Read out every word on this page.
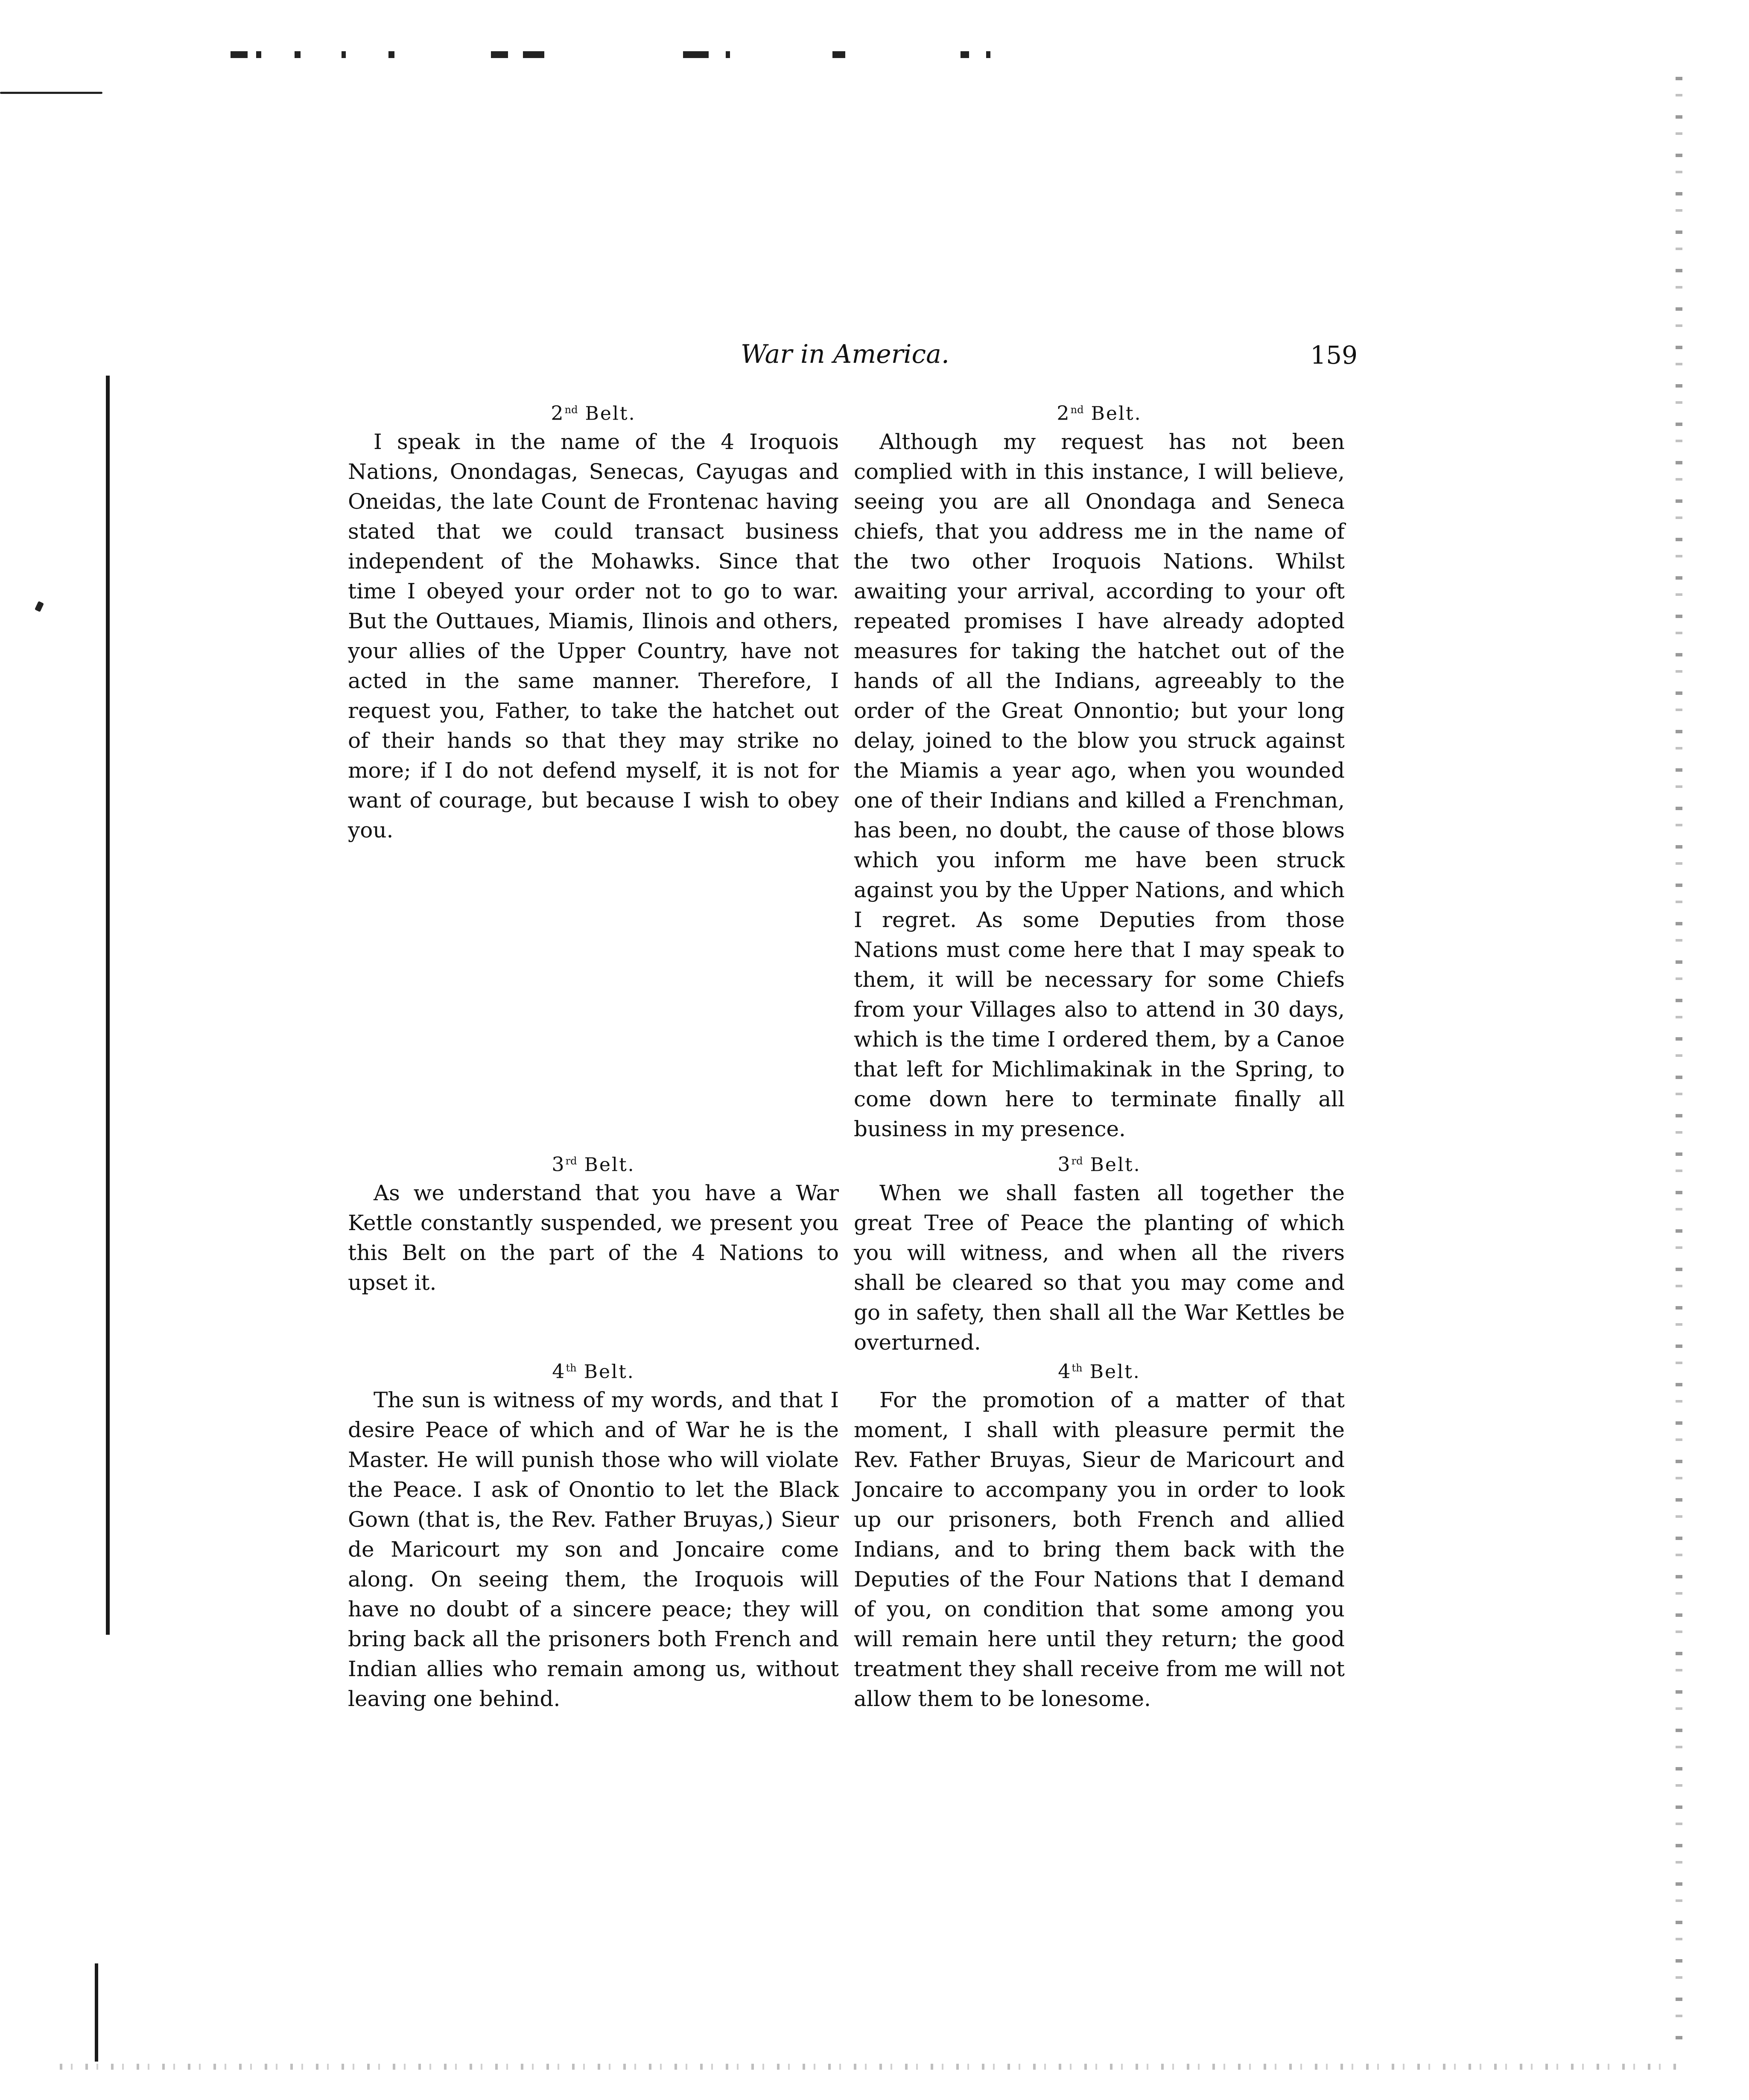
War in America.	159
2nd Belt.
I speak in the name of the 4 Iroquois Nations, Onondagas, Senecas, Cayugas and Oneidas, the late Count de Frontenac having stated that we could transact business independent of the Mohawks. Since that time I obeyed your order not to go to war. But the Outtaues, Miamis, Ilinois and others, your allies of the Upper Country, have not acted in the same manner. Therefore, I request you, Father, to take the hatchet out of their hands so that they may strike no more; if I do not defend myself, it is not for want of courage, but because I wish to obey you.
3rd Belt.
As we understand that you have a War Kettle constantly suspended, we present you this Belt on the part of the 4 Nations to upset it.
4th Belt.
The sun is witness of my words, and that I desire Peace of which and of War he is the Master. He will punish those who will violate the Peace. I ask of Onontio to let the Black Gown (that is, the Rev. Father Bruyas,) Sieur de Maricourt my son and Joncaire come along. On seeing them, the Iroquois will have no doubt of a sincere peace; they will bring back all the prisoners both French and Indian allies who remain among us, without leaving one behind.
2nd Belt.
Although my request has not been complied with in this instance, I will believe, seeing you are all Onondaga and Seneca chiefs, that you address me in the name of the two other Iroquois Nations. Whilst awaiting your arrival, according to your oft repeated promises I have already adopted measures for taking the hatchet out of the hands of all the Indians, agreeably to the order of the Great Onnontio; but your long delay, joined to the blow you struck against the Miamis a year ago, when you wounded one of their Indians and killed a Frenchman, has been, no doubt, the cause of those blows which you inform me have been struck against you by the Upper Nations, and which I regret. As some Deputies from those Nations must come here that I may speak to them, it will be necessary for some Chiefs from your Villages also to attend in 30 days, which is the time I ordered them, by a Canoe that left for Michlimakinak in the Spring, to come down here to terminate finally all business in my presence.
3rd Belt.
When we shall fasten all together the great Tree of Peace the planting of which you will witness, and when all the rivers shall be cleared so that you may come and go in safety, then shall all the War Kettles be overturned.
4th Belt.
For the promotion of a matter of that moment, I shall with pleasure permit the Rev. Father Bruyas, Sieur de Maricourt and Joncaire to accompany you in order to look up our prisoners, both French and allied Indians, and to bring them back with the Deputies of the Four Nations that I demand of you, on condition that some among you will remain here until they return; the good treatment they shall receive from me will not allow them to be lonesome.
